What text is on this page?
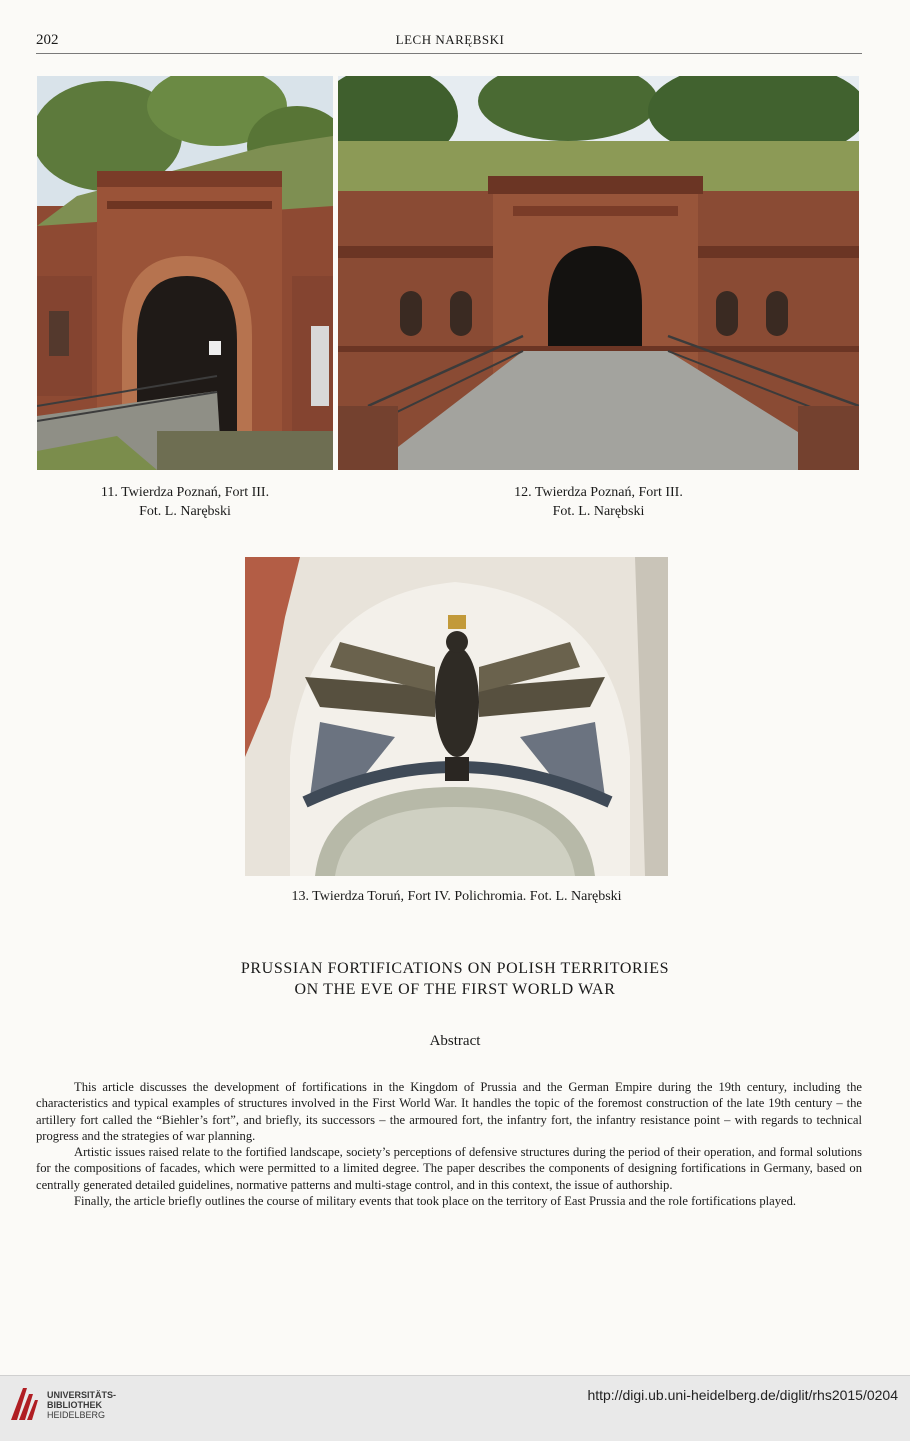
202	LECH NARĘBSKI
11. Twierdza Poznań, Fort III.
Fot. L. Narębski
12. Twierdza Poznań, Fort III.
Fot. L. Narębski
13. Twierdza Toruń, Fort IV. Polichromia. Fot. L. Narębski
PRUSSIAN FORTIFICATIONS ON POLISH TERRITORIES
ON THE EVE OF THE FIRST WORLD WAR
Abstract

This article discusses the development of fortifications in the Kingdom of Prussia and the German Empire during the 19th century, including the characteristics and typical examples of structures involved in the First World War. It handles the topic of the foremost construction of the late 19th century – the artillery fort called the “Biehler’s fort”, and briefly, its successors – the armoured fort, the infantry fort, the infantry resistance point – with regards to technical progress and the strategies of war planning.

Artistic issues raised relate to the fortified landscape, society’s perceptions of defensive structures during the period of their operation, and formal solutions for the compositions of facades, which were permitted to a limited degree. The paper describes the components of designing fortifications in Germany, based on centrally generated detailed guidelines, normative patterns and multi-stage control, and in this context, the issue of authorship.

Finally, the article briefly outlines the course of military events that took place on the territory of East Prussia and the role fortifications played.

UNIVERSITÄTS-
BIBLIOTHEK
HEIDELBERG
http://digi.ub.uni-heidelberg.de/diglit/rhs2015/0204
